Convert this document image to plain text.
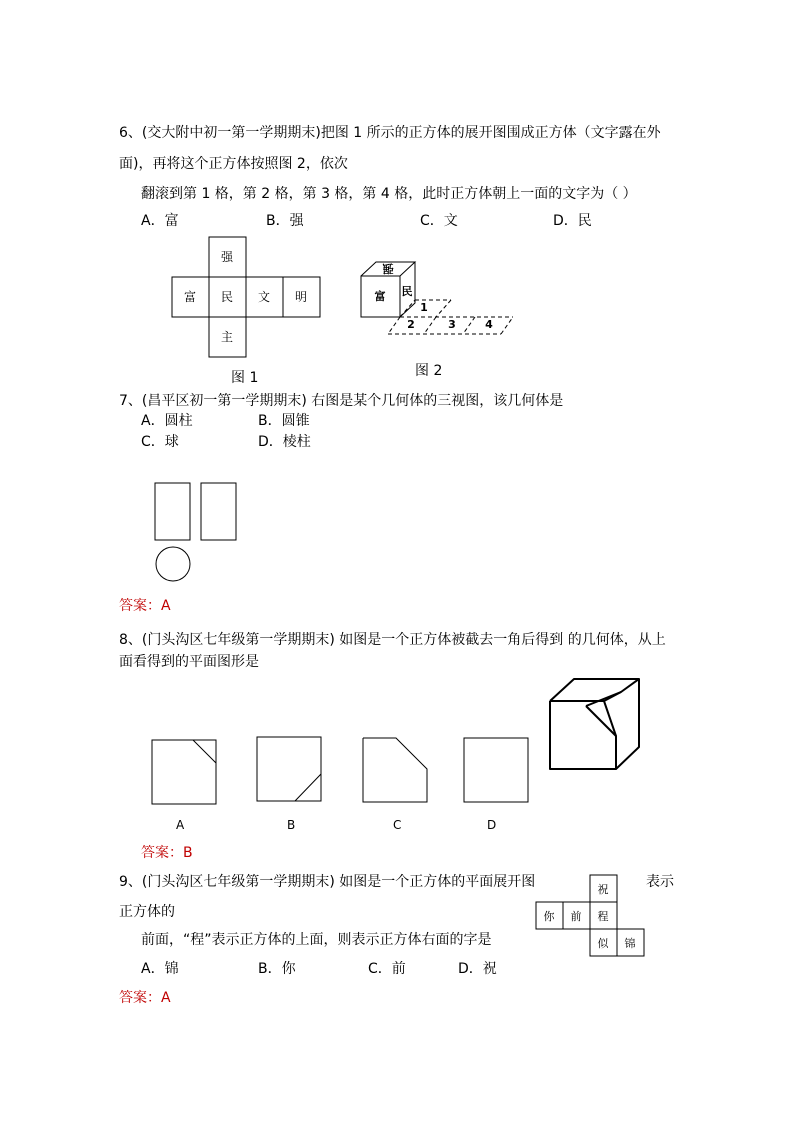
6、(交大附中初一第一学期期末)把图 1 所示的正方体的展开图围成正方体（文字露在外
面)，再将这个正方体按照图 2，依次
翻滚到第 1 格，第 2 格，第 3 格，第 4 格，此时正方体朝上一面的文字为（ ）
A．富	B．强	C．文	D．民
强
富 民 文 明
主
图 1
强
富 民
1
2	3	4
图 2
7、(昌平区初一第一学期期末) 右图是某个几何体的三视图，该几何体是
A．圆柱	B．圆锥
C．球	D．棱柱
答案：A
8、(门头沟区七年级第一学期期末) 如图是一个正方体被截去一角后得到 的几何体，从上
面看得到的平面图形是
A	B	C	D
答案：B
9、(门头沟区七年级第一学期期末) 如图是一个正方体的平面展开图	表示
正方体的
前面，“程”表示正方体的上面，则表示正方体右面的字是
A．锦	B．你	C．前	D．祝
祝
你 前 程
似 锦
答案：A
